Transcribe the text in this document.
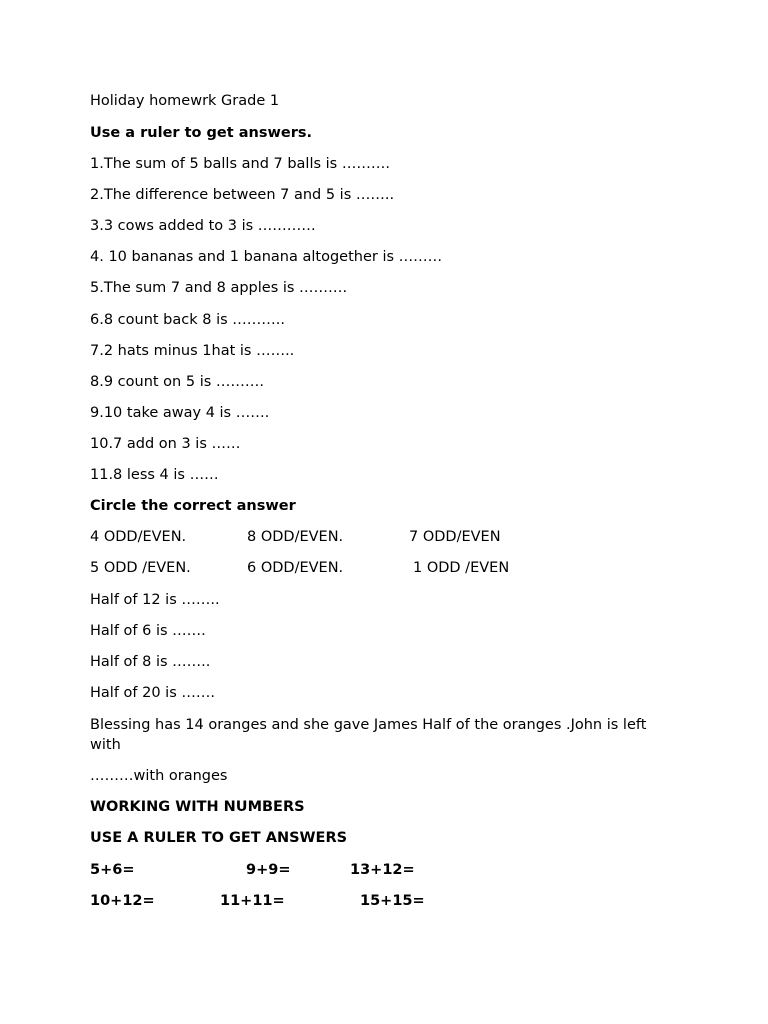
Holiday homewrk Grade 1
Use a ruler to get answers.
1.The sum of 5 balls and 7 balls is ……….
2.The difference between 7 and 5 is ……..
3.3 cows added to 3 is …………
4. 10 bananas and 1 banana altogether is ………
5.The sum 7 and 8 apples is ……….
6.8 count back 8 is ………..
7.2 hats minus 1hat is ……..
8.9 count on 5 is ……….
9.10 take away 4 is …….
10.7 add on 3 is ……
11.8 less 4 is ……
Circle the correct answer
4 ODD/EVEN.	8 ODD/EVEN.	7 ODD/EVEN
5 ODD /EVEN.	6 ODD/EVEN.	1 ODD /EVEN
Half of 12 is ……..
Half of 6 is …….
Half of 8 is ……..
Half of 20 is …….
Blessing has 14 oranges and she gave James Half of the oranges .John is left with
………with oranges
WORKING WITH NUMBERS
USE A RULER TO GET ANSWERS
5+6=	9+9=	13+12=
10+12=	11+11=	15+15=
